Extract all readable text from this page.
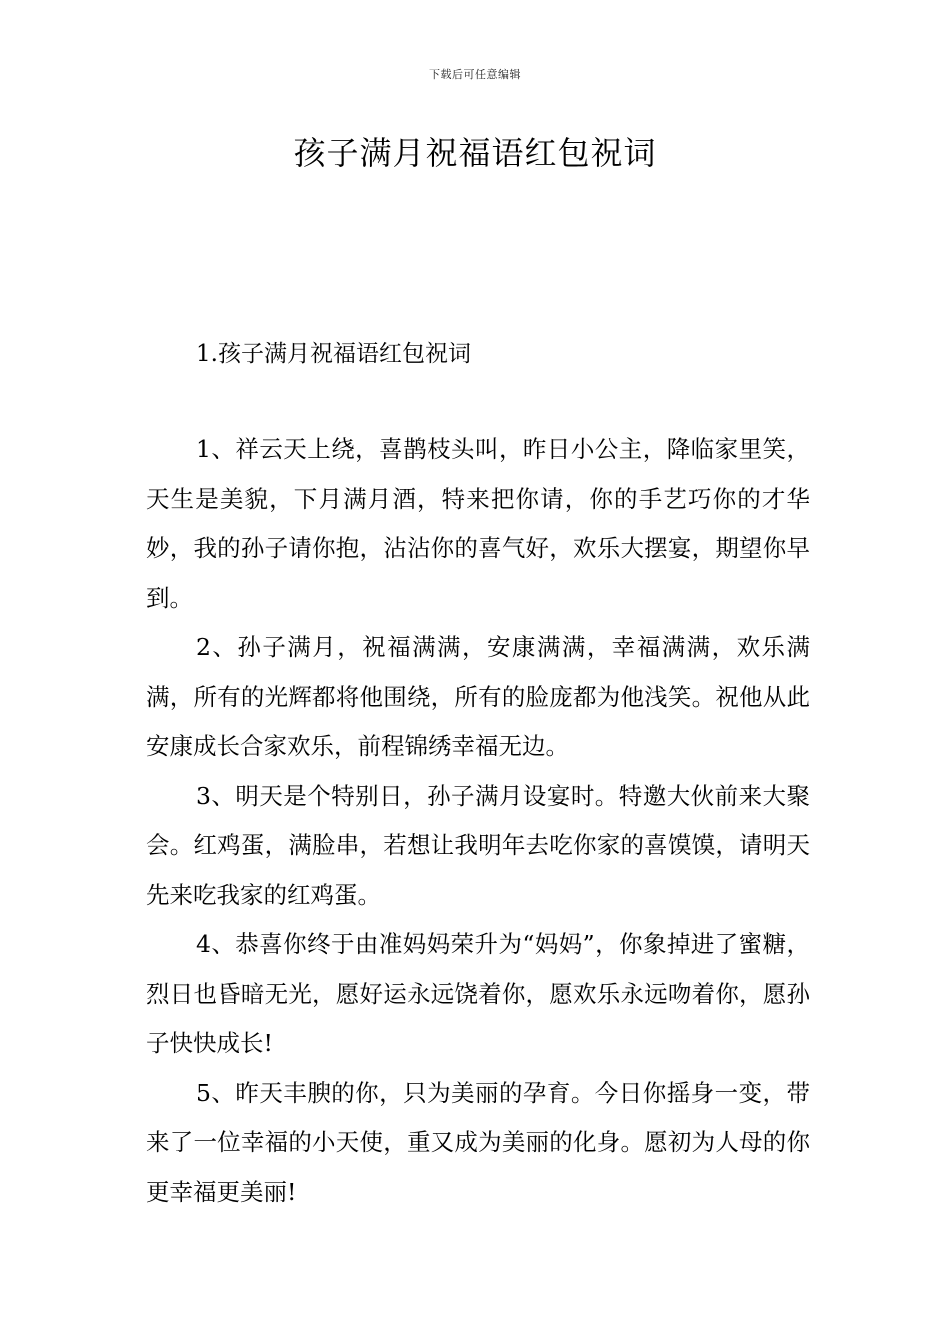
下载后可任意编辑
孩子满月祝福语红包祝词
1.孩子满月祝福语红包祝词

1、祥云天上绕，喜鹊枝头叫，昨日小公主，降临家里笑，天生是美貌，下月满月酒，特来把你请，你的手艺巧你的才华妙，我的孙子请你抱，沾沾你的喜气好，欢乐大摆宴，期望你早到。

2、孙子满月，祝福满满，安康满满，幸福满满，欢乐满满，所有的光辉都将他围绕，所有的脸庞都为他浅笑。祝他从此安康成长合家欢乐，前程锦绣幸福无边。

3、明天是个特别日，孙子满月设宴时。特邀大伙前来大聚会。红鸡蛋，满脸串，若想让我明年去吃你家的喜馍馍，请明天先来吃我家的红鸡蛋。

4、恭喜你终于由准妈妈荣升为“妈妈”，你象掉进了蜜糖，烈日也昏暗无光，愿好运永远饶着你，愿欢乐永远吻着你，愿孙子快快成长!

5、昨天丰腴的你，只为美丽的孕育。今日你摇身一变，带来了一位幸福的小天使，重又成为美丽的化身。愿初为人母的你更幸福更美丽!
